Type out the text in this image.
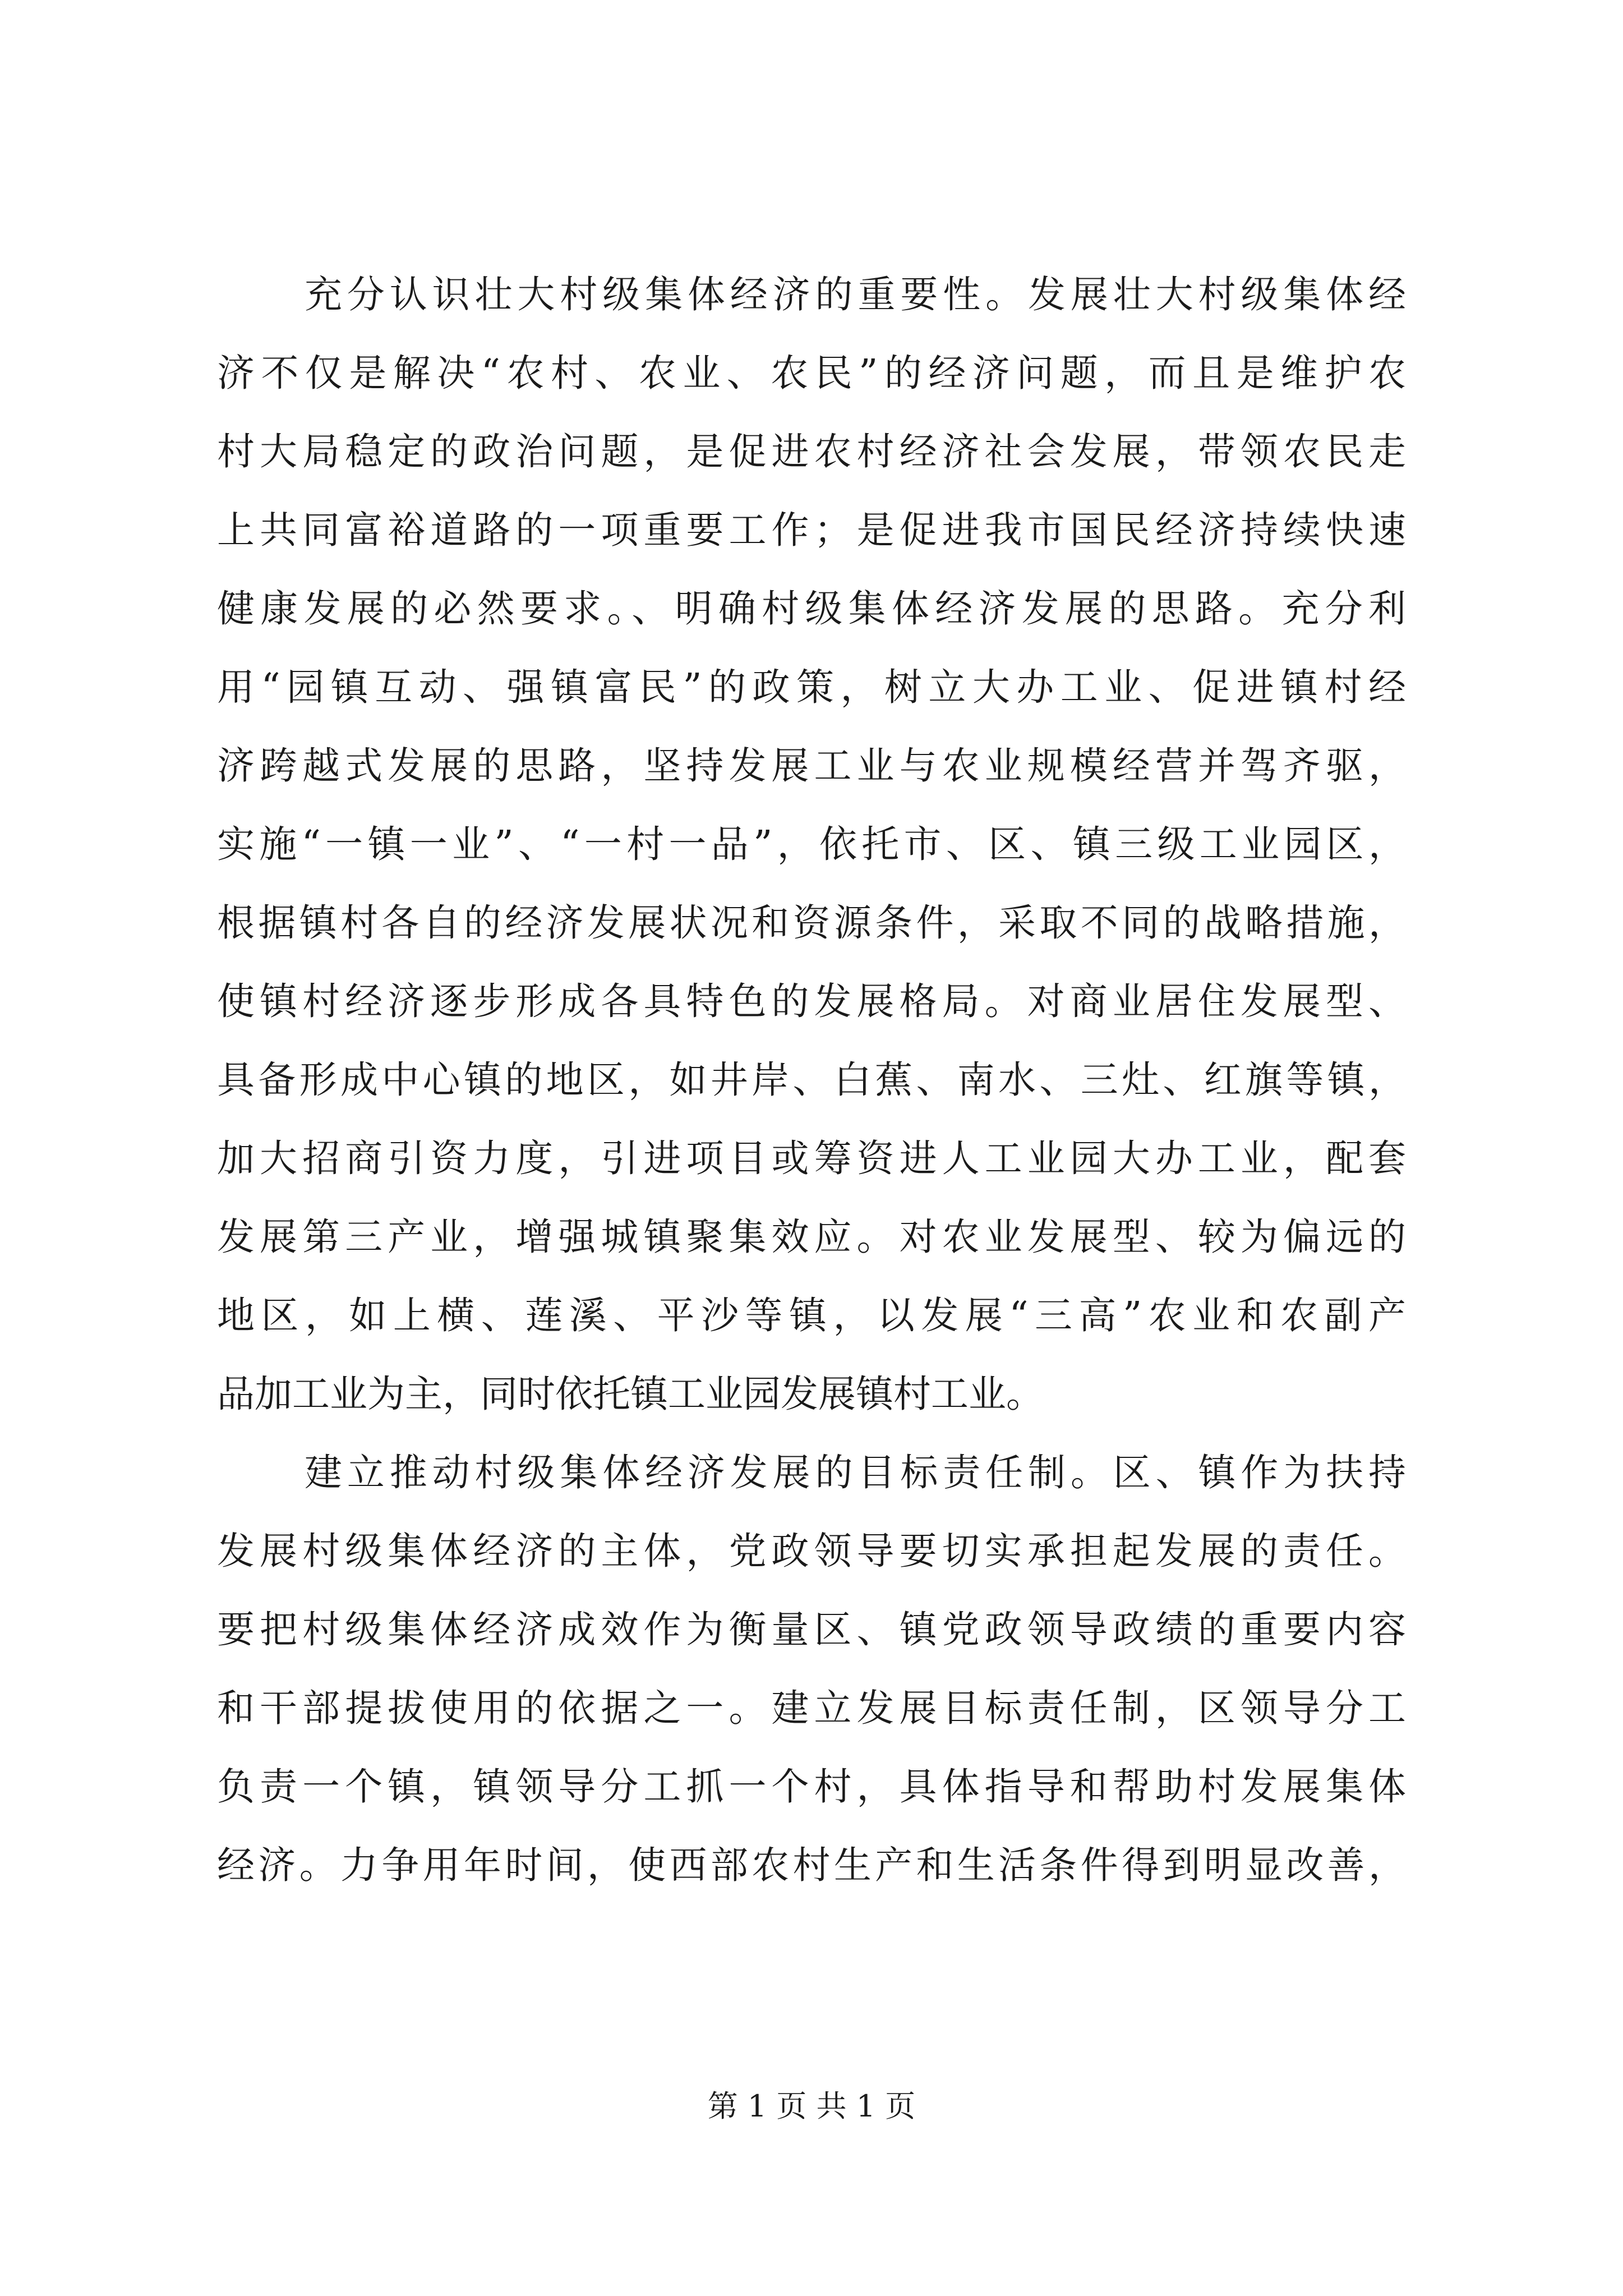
充分认识壮大村级集体经济的重要性。发展壮大村级集体经
济不仅是解决“农村、农业、农民”的经济问题，而且是维护农
村大局稳定的政治问题，是促进农村经济社会发展，带领农民走
上共同富裕道路的一项重要工作；是促进我市国民经济持续快速
健康发展的必然要求。、明确村级集体经济发展的思路。充分利
用“园镇互动、强镇富民”的政策，树立大办工业、促进镇村经
济跨越式发展的思路，坚持发展工业与农业规模经营并驾齐驱，
实施“一镇一业”、“一村一品”，依托市、区、镇三级工业园区，
根据镇村各自的经济发展状况和资源条件，采取不同的战略措施，
使镇村经济逐步形成各具特色的发展格局。对商业居住发展型、
具备形成中心镇的地区，如井岸、白蕉、南水、三灶、红旗等镇，
加大招商引资力度，引进项目或筹资进人工业园大办工业，配套
发展第三产业，增强城镇聚集效应。对农业发展型、较为偏远的
地区，如上横、莲溪、平沙等镇，以发展“三高”农业和农副产
品加工业为主，同时依托镇工业园发展镇村工业。
建立推动村级集体经济发展的目标责任制。区、镇作为扶持
发展村级集体经济的主体，党政领导要切实承担起发展的责任。
要把村级集体经济成效作为衡量区、镇党政领导政绩的重要内容
和干部提拔使用的依据之一。建立发展目标责任制，区领导分工
负责一个镇，镇领导分工抓一个村，具体指导和帮助村发展集体
经济。力争用年时间，使西部农村生产和生活条件得到明显改善，
第 1 页 共 1 页
